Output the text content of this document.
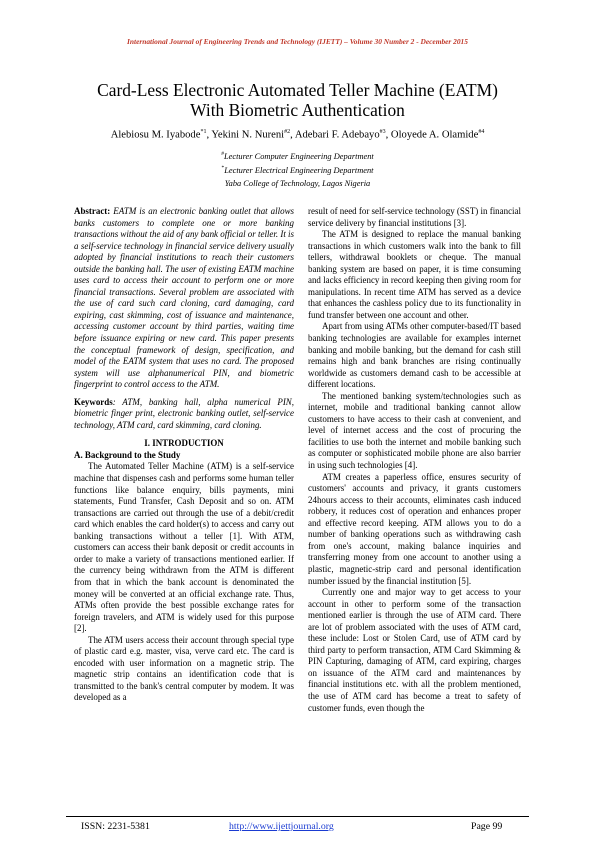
International Journal of Engineering Trends and Technology (IJETT) – Volume 30 Number 2 - December 2015
Card-Less Electronic Automated Teller Machine (EATM)
With Biometric Authentication
Alebiosu M. Iyabode$^{*1}$, Yekini N. Nureni$^{\#2}$, Adebari F. Adebayo$^{\#3}$, Oloyede A. Olamide$^{\#4}$
#Lecturer Computer Engineering Department
*Lecturer Electrical Engineering Department
Yaba College of Technology, Lagos Nigeria

Abstract: EATM is an electronic banking outlet that allows banks customers to complete one or more banking transactions without the aid of any bank official or teller. It is a self-service technology in financial service delivery usually adopted by financial institutions to reach their customers outside the banking hall. The user of existing EATM machine uses card to access their account to perform one or more financial transactions. Several problem are associated with the use of card such card cloning, card damaging, card expiring, cast skimming, cost of issuance and maintenance, accessing customer account by third parties, waiting time before issuance expiring or new card. This paper presents the conceptual framework of design, specification, and model of the EATM system that uses no card. The proposed system will use alphanumerical PIN, and biometric fingerprint to control access to the ATM.

Keywords: ATM, banking hall, alpha numerical PIN, biometric finger print, electronic banking outlet, self-service technology, ATM card, card skimming, card cloning.

I. INTRODUCTION

A. Background to the Study

The Automated Teller Machine (ATM) is a self-service machine that dispenses cash and performs some human teller functions like balance enquiry, bills payments, mini statements, Fund Transfer, Cash Deposit and so on. ATM transactions are carried out through the use of a debit/credit card which enables the card holder(s) to access and carry out banking transactions without a teller [1]. With ATM, customers can access their bank deposit or credit accounts in order to make a variety of transactions mentioned earlier. If the currency being withdrawn from the ATM is different from that in which the bank account is denominated the money will be converted at an official exchange rate. Thus, ATMs often provide the best possible exchange rates for foreign travelers, and ATM is widely used for this purpose [2].

The ATM users access their account through special type of plastic card e.g. master, visa, verve card etc. The card is encoded with user information on a magnetic strip. The magnetic strip contains an identification code that is transmitted to the bank's central computer by modem. It was developed as a

result of need for self-service technology (SST) in financial service delivery by financial institutions [3].

The ATM is designed to replace the manual banking transactions in which customers walk into the bank to fill tellers, withdrawal booklets or cheque. The manual banking system are based on paper, it is time consuming and lacks efficiency in record keeping then giving room for manipulations. In recent time ATM has served as a device that enhances the cashless policy due to its functionality in fund transfer between one account and other.

Apart from using ATMs other computer-based/IT based banking technologies are available for examples internet banking and mobile banking, but the demand for cash still remains high and bank branches are rising continually worldwide as customers demand cash to be accessible at different locations.

The mentioned banking system/technologies such as internet, mobile and traditional banking cannot allow customers to have access to their cash at convenient, and level of internet access and the cost of procuring the facilities to use both the internet and mobile banking such as computer or sophisticated mobile phone are also barrier in using such technologies [4].

ATM creates a paperless office, ensures security of customers' accounts and privacy, it grants customers 24hours access to their accounts, eliminates cash induced robbery, it reduces cost of operation and enhances proper and effective record keeping. ATM allows you to do a number of banking operations such as withdrawing cash from one's account, making balance inquiries and transferring money from one account to another using a plastic, magnetic-strip card and personal identification number issued by the financial institution [5].

Currently one and major way to get access to your account in other to perform some of the transaction mentioned earlier is through the use of ATM card. There are lot of problem associated with the uses of ATM card, these include: Lost or Stolen Card, use of ATM card by third party to perform transaction, ATM Card Skimming & PIN Capturing, damaging of ATM, card expiring, charges on issuance of the ATM card and maintenances by financial institutions etc. with all the problem mentioned, the use of ATM card has become a treat to safety of customer funds, even though the

ISSN: 2231-5381	http://www.ijettjournal.org	Page 99
